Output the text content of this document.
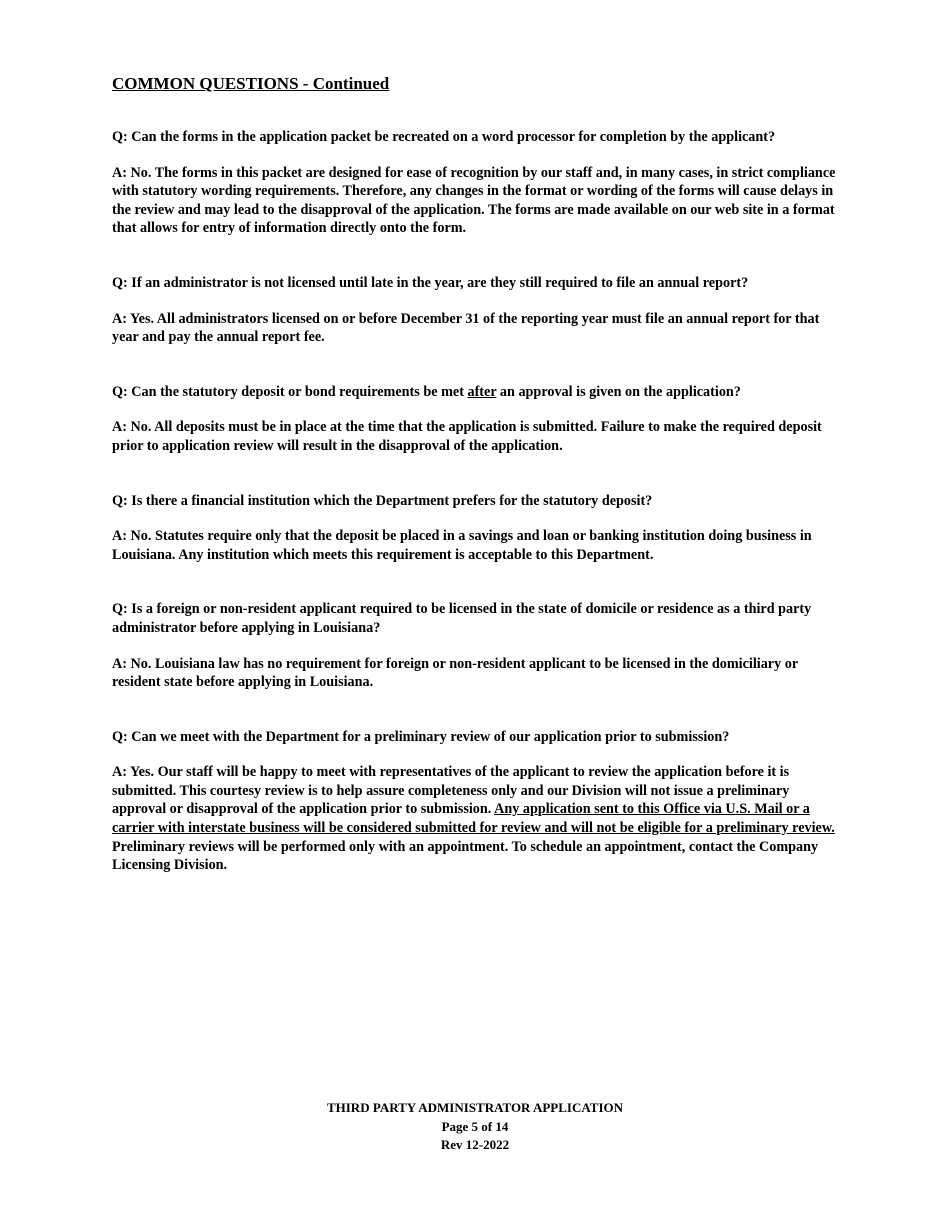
COMMON QUESTIONS - Continued
Q: Can the forms in the application packet be recreated on a word processor for completion by the applicant?
A: No. The forms in this packet are designed for ease of recognition by our staff and, in many cases, in strict compliance with statutory wording requirements. Therefore, any changes in the format or wording of the forms will cause delays in the review and may lead to the disapproval of the application. The forms are made available on our web site in a format that allows for entry of information directly onto the form.
Q: If an administrator is not licensed until late in the year, are they still required to file an annual report?
A: Yes. All administrators licensed on or before December 31 of the reporting year must file an annual report for that year and pay the annual report fee.
Q: Can the statutory deposit or bond requirements be met after an approval is given on the application?
A: No. All deposits must be in place at the time that the application is submitted. Failure to make the required deposit prior to application review will result in the disapproval of the application.
Q: Is there a financial institution which the Department prefers for the statutory deposit?
A: No. Statutes require only that the deposit be placed in a savings and loan or banking institution doing business in Louisiana. Any institution which meets this requirement is acceptable to this Department.
Q: Is a foreign or non-resident applicant required to be licensed in the state of domicile or residence as a third party administrator before applying in Louisiana?
A: No. Louisiana law has no requirement for foreign or non-resident applicant to be licensed in the domiciliary or resident state before applying in Louisiana.
Q: Can we meet with the Department for a preliminary review of our application prior to submission?
A: Yes. Our staff will be happy to meet with representatives of the applicant to review the application before it is submitted. This courtesy review is to help assure completeness only and our Division will not issue a preliminary approval or disapproval of the application prior to submission. Any application sent to this Office via U.S. Mail or a carrier with interstate business will be considered submitted for review and will not be eligible for a preliminary review. Preliminary reviews will be performed only with an appointment. To schedule an appointment, contact the Company Licensing Division.
THIRD PARTY ADMINISTRATOR APPLICATION
Page 5 of 14
Rev 12-2022
